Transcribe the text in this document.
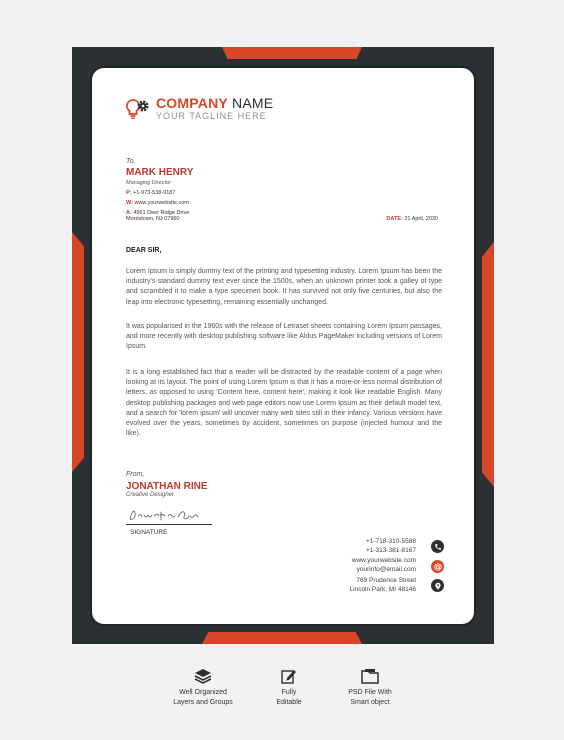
COMPANY NAME
YOUR TAGLINE HERE
To,
MARK HENRY
Managing Director
P: +1-973-538-9187
W: www.yourwebsite.com
A: 4961 Deer Ridge Drive
Morristown, NJ 07960	DATE: 21 April, 2030
DEAR SIR,
Lorem Ipsum is simply dummy text of the printing and typesetting industry. Lorem Ipsum has been the industry's standard dummy text ever since the 1500s, when an unknown printer took a galley of type and scrambled it to make a type specimen book. It has survived not only five centuries, but also the leap into electronic typesetting, remaining essentially unchanged.
It was popularised in the 1960s with the release of Letraset sheets containing Lorem Ipsum passages, and more recently with desktop publishing software like Aldus PageMaker including versions of Lorem Ipsum.
It is a long established fact that a reader will be distracted by the readable content of a page when looking at its layout. The point of using Lorem Ipsum is that it has a more-or-less normal distribution of letters, as opposed to using 'Content here, content here', making it look like readable English. Many desktop publishing packages and web page editors now use Lorem Ipsum as their default model text, and a search for 'lorem ipsum' will uncover many web sites still in their infancy. Various versions have evolved over the years, sometimes by accident, sometimes on purpose (injected humour and the like).
From,
JONATHAN RINE
Creative Designer
SIGNATURE
+1-718-310-5588
+1-313-381-8167
www.yourwebsite.com
yourinfo@email.com
769 Prudence Street
Lincoln Park, MI 48146
Well Organized
Layers and Groups
Fully
Editable
PSD File With
Smart object
